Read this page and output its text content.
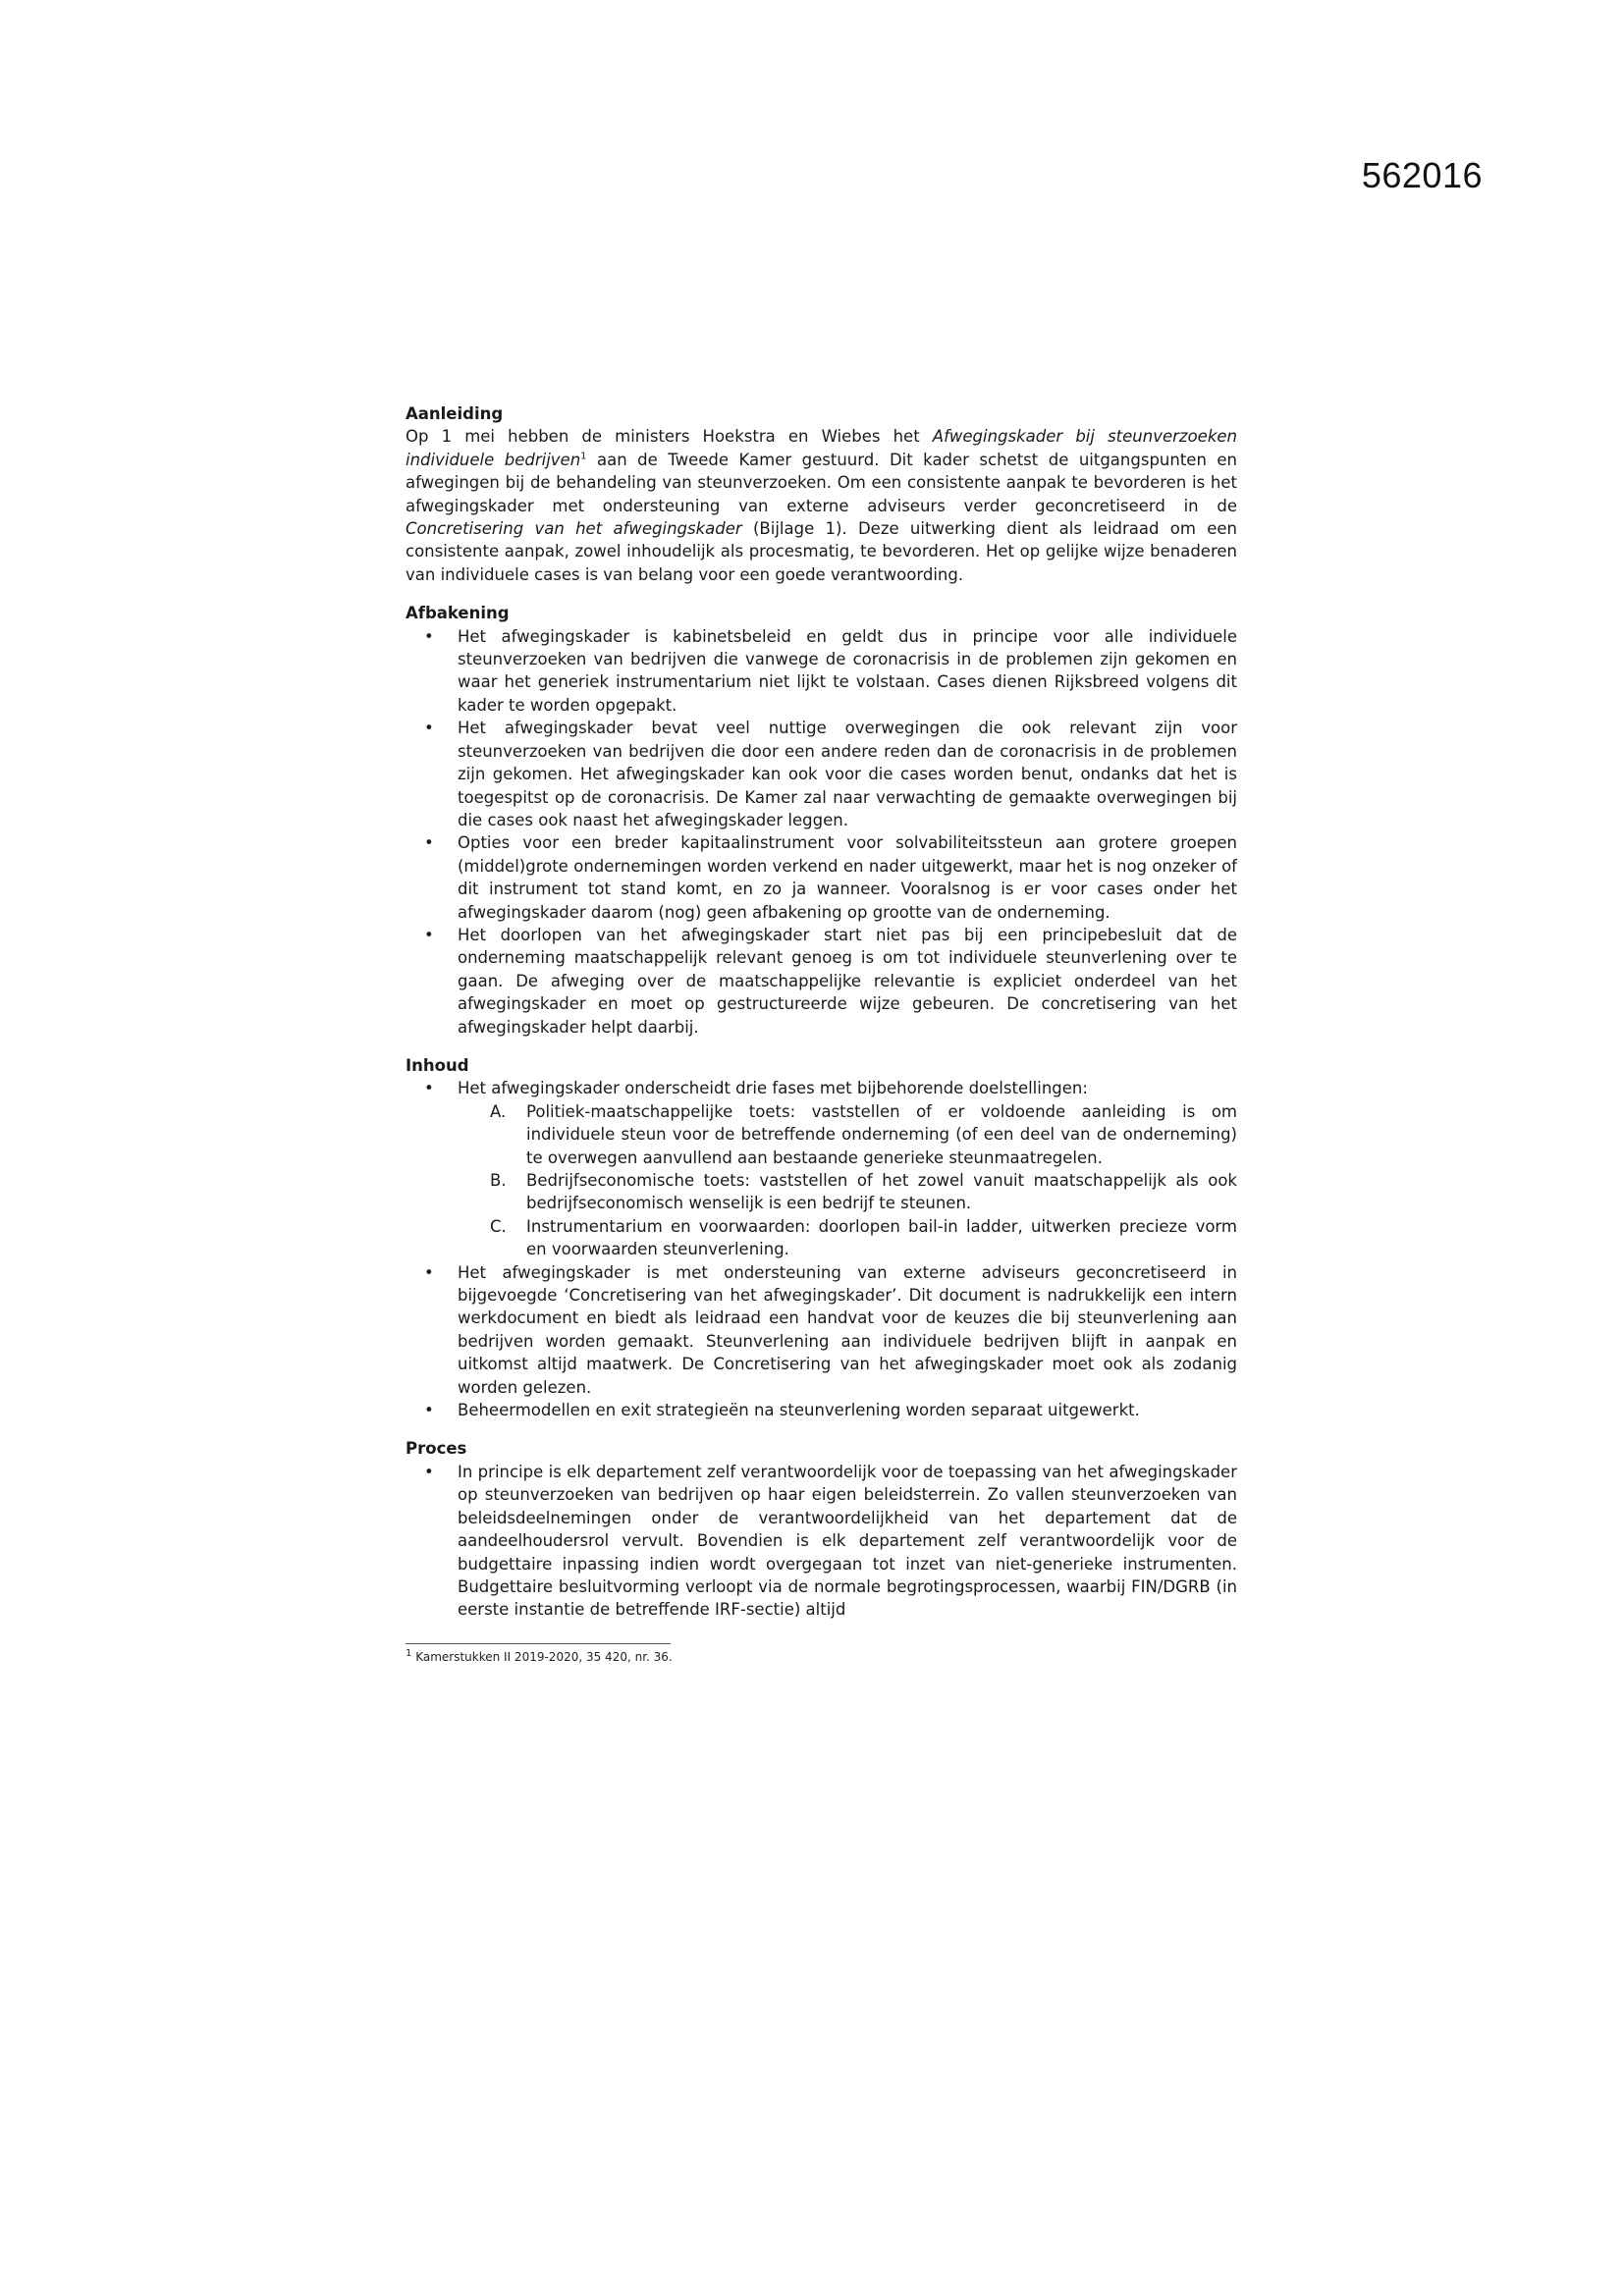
562016

Aanleiding

Op 1 mei hebben de ministers Hoekstra en Wiebes het Afwegingskader bij steunverzoeken individuele bedrijven$^1$ aan de Tweede Kamer gestuurd. Dit kader schetst de uitgangspunten en afwegingen bij de behandeling van steunverzoeken. Om een consistente aanpak te bevorderen is het afwegingskader met ondersteuning van externe adviseurs verder geconcretiseerd in de Concretisering van het afwegingskader (Bijlage 1). Deze uitwerking dient als leidraad om een consistente aanpak, zowel inhoudelijk als procesmatig, te bevorderen. Het op gelijke wijze benaderen van individuele cases is van belang voor een goede verantwoording.

Afbakening

• Het afwegingskader is kabinetsbeleid en geldt dus in principe voor alle individuele steunverzoeken van bedrijven die vanwege de coronacrisis in de problemen zijn gekomen en waar het generiek instrumentarium niet lijkt te volstaan. Cases dienen Rijksbreed volgens dit kader te worden opgepakt.
• Het afwegingskader bevat veel nuttige overwegingen die ook relevant zijn voor steunverzoeken van bedrijven die door een andere reden dan de coronacrisis in de problemen zijn gekomen. Het afwegingskader kan ook voor die cases worden benut, ondanks dat het is toegespitst op de coronacrisis. De Kamer zal naar verwachting de gemaakte overwegingen bij die cases ook naast het afwegingskader leggen.
• Opties voor een breder kapitaalinstrument voor solvabiliteitssteun aan grotere groepen (middel)grote ondernemingen worden verkend en nader uitgewerkt, maar het is nog onzeker of dit instrument tot stand komt, en zo ja wanneer. Vooralsnog is er voor cases onder het afwegingskader daarom (nog) geen afbakening op grootte van de onderneming.
• Het doorlopen van het afwegingskader start niet pas bij een principebesluit dat de onderneming maatschappelijk relevant genoeg is om tot individuele steunverlening over te gaan. De afweging over de maatschappelijke relevantie is expliciet onderdeel van het afwegingskader en moet op gestructureerde wijze gebeuren. De concretisering van het afwegingskader helpt daarbij.

Inhoud

• Het afwegingskader onderscheidt drie fases met bijbehorende doelstellingen:
A. Politiek-maatschappelijke toets: vaststellen of er voldoende aanleiding is om individuele steun voor de betreffende onderneming (of een deel van de onderneming) te overwegen aanvullend aan bestaande generieke steunmaatregelen.
B. Bedrijfseconomische toets: vaststellen of het zowel vanuit maatschappelijk als ook bedrijfseconomisch wenselijk is een bedrijf te steunen.
C. Instrumentarium en voorwaarden: doorlopen bail-in ladder, uitwerken precieze vorm en voorwaarden steunverlening.
• Het afwegingskader is met ondersteuning van externe adviseurs geconcretiseerd in bijgevoegde ‘Concretisering van het afwegingskader’. Dit document is nadrukkelijk een intern werkdocument en biedt als leidraad een handvat voor de keuzes die bij steunverlening aan bedrijven worden gemaakt. Steunverlening aan individuele bedrijven blijft in aanpak en uitkomst altijd maatwerk. De Concretisering van het afwegingskader moet ook als zodanig worden gelezen.
• Beheermodellen en exit strategieën na steunverlening worden separaat uitgewerkt.

Proces

• In principe is elk departement zelf verantwoordelijk voor de toepassing van het afwegingskader op steunverzoeken van bedrijven op haar eigen beleidsterrein. Zo vallen steunverzoeken van beleidsdeelnemingen onder de verantwoordelijkheid van het departement dat de aandeelhoudersrol vervult. Bovendien is elk departement zelf verantwoordelijk voor de budgettaire inpassing indien wordt overgegaan tot inzet van niet-generieke instrumenten. Budgettaire besluitvorming verloopt via de normale begrotingsprocessen, waarbij FIN/DGRB (in eerste instantie de betreffende IRF-sectie) altijd
$^1$ Kamerstukken II 2019-2020, 35 420, nr. 36.
